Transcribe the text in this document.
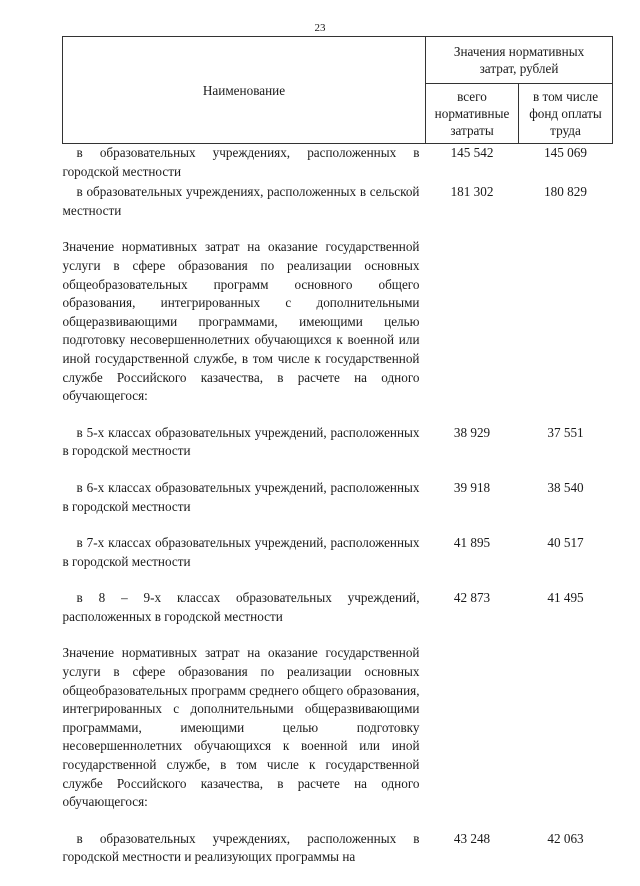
23
Наименование	Значения нормативных затрат, рублей	
	всего нормативные затраты	в том числе фонд оплаты труда
в образовательных учреждениях, расположенных в городской местности	145 542	145 069
в образовательных учреждениях, расположенных в сельской местности	181 302	180 829

Значение нормативных затрат на оказание государственной услуги в сфере образования по реализации основных общеобразовательных программ основного общего образования, интегрированных с дополнительными общеразвивающими программами, имеющими целью подготовку несовершеннолетних обучающихся к военной или иной государственной службе, в том числе к государственной службе Российского казачества, в расчете на одного обучающегося:		

в 5-х классах образовательных учреждений, расположенных в городской местности	38 929	37 551

в 6-х классах образовательных учреждений, расположенных в городской местности	39 918	38 540

в 7-х классах образовательных учреждений, расположенных в городской местности	41 895	40 517

в 8 – 9-х классах образовательных учреждений, расположенных в городской местности	42 873	41 495

Значение нормативных затрат на оказание государственной услуги в сфере образования по реализации основных общеобразовательных программ среднего общего образования, интегрированных с дополнительными общеразвивающими программами, имеющими целью подготовку несовершеннолетних обучающихся к военной или иной государственной службе, в том числе к государственной службе Российского казачества, в расчете на одного обучающегося:		

в образовательных учреждениях, расположенных в городской местности и реализующих программы на	43 248	42 063
